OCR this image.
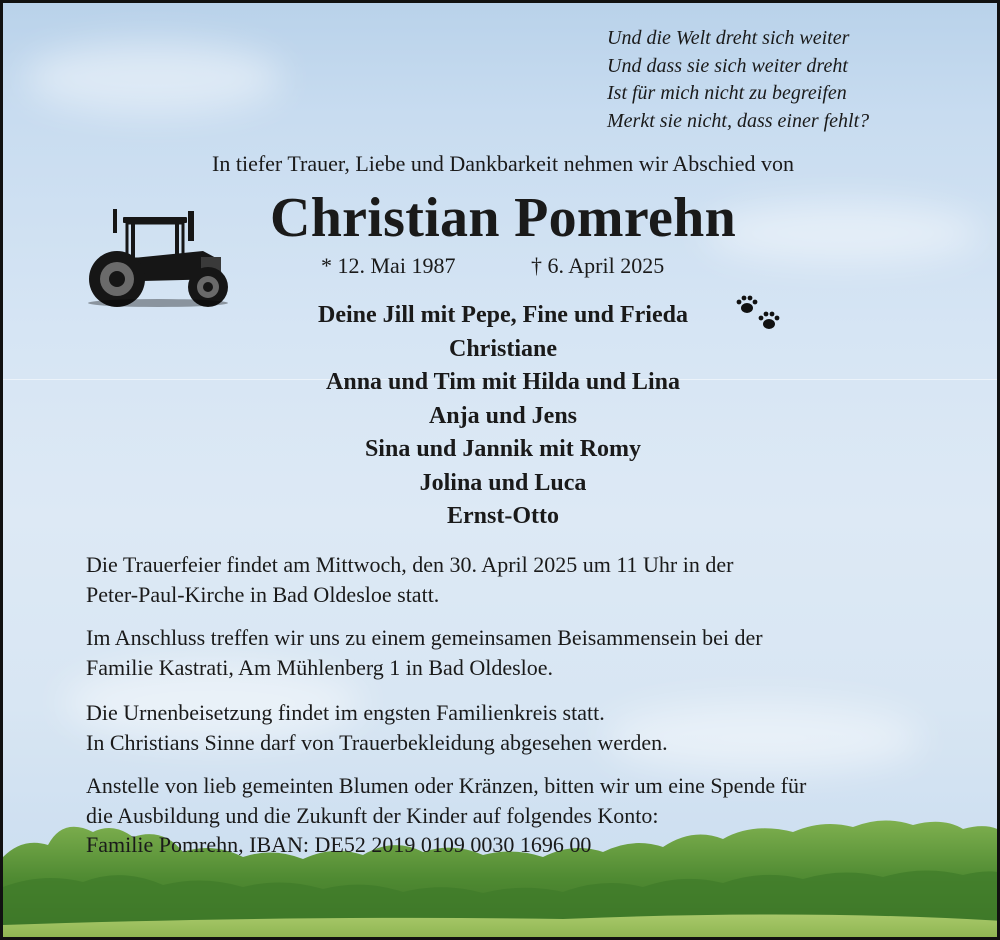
Und die Welt dreht sich weiter
Und dass sie sich weiter dreht
Ist für mich nicht zu begreifen
Merkt sie nicht, dass einer fehlt?
In tiefer Trauer, Liebe und Dankbarkeit nehmen wir Abschied von
Christian Pomrehn
* 12. Mai 1987	† 6. April 2025
Deine Jill mit Pepe, Fine und Frieda
Christiane
Anna und Tim mit Hilda und Lina
Anja und Jens
Sina und Jannik mit Romy
Jolina und Luca
Ernst-Otto
Die Trauerfeier findet am Mittwoch, den 30. April 2025 um 11 Uhr in der
Peter-Paul-Kirche in Bad Oldesloe statt.
Im Anschluss treffen wir uns zu einem gemeinsamen Beisammensein bei der
Familie Kastrati, Am Mühlenberg 1 in Bad Oldesloe.
Die Urnenbeisetzung findet im engsten Familienkreis statt.
In Christians Sinne darf von Trauerbekleidung abgesehen werden.
Anstelle von lieb gemeinten Blumen oder Kränzen, bitten wir um eine Spende für
die Ausbildung und die Zukunft der Kinder auf folgendes Konto:
Familie Pomrehn, IBAN: DE52 2019 0109 0030 1696 00
